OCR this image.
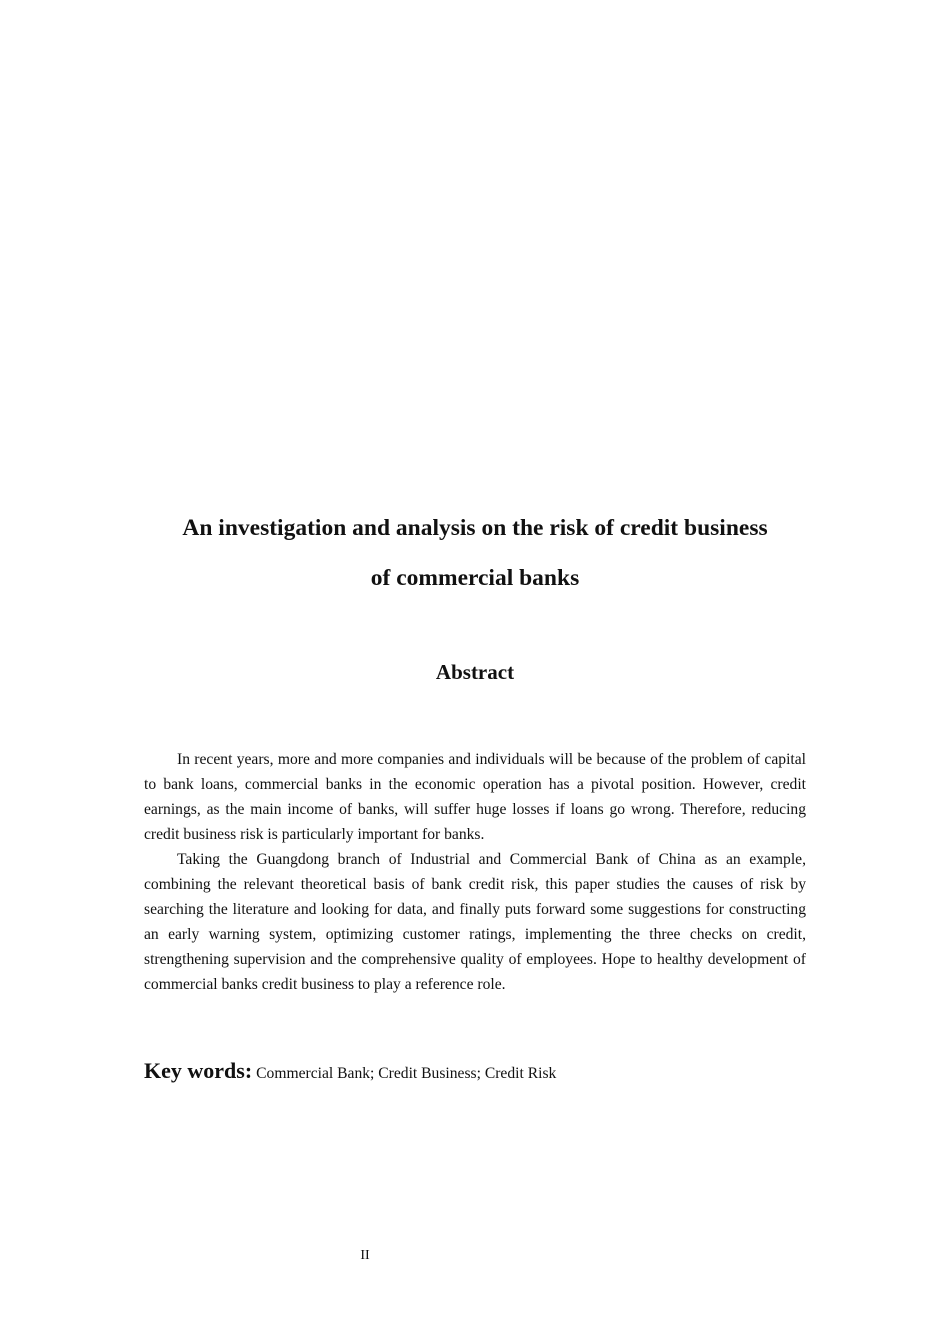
An investigation and analysis on the risk of credit business
of commercial banks
Abstract

In recent years, more and more companies and individuals will be because of the problem of capital to bank loans, commercial banks in the economic operation has a pivotal position. However, credit earnings, as the main income of banks, will suffer huge losses if loans go wrong. Therefore, reducing credit business risk is particularly important for banks.

Taking the Guangdong branch of Industrial and Commercial Bank of China as an example, combining the relevant theoretical basis of bank credit risk, this paper studies the causes of risk by searching the literature and looking for data, and finally puts forward some suggestions for constructing an early warning system, optimizing customer ratings, implementing the three checks on credit, strengthening supervision and the comprehensive quality of employees. Hope to healthy development of commercial banks credit business to play a reference role.

Key words: Commercial Bank; Credit Business; Credit Risk

II
